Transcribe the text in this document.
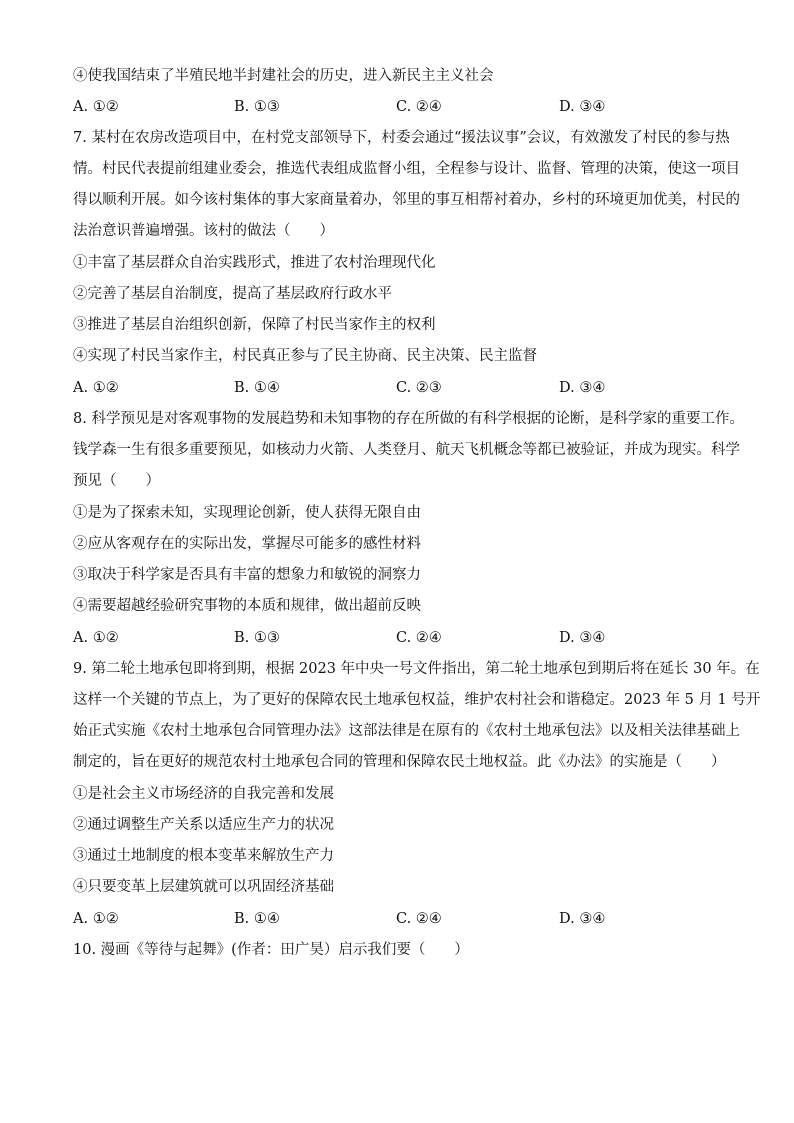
④使我国结束了半殖民地半封建社会的历史，进入新民主主义社会
A. ①②	B. ①③	C. ②④	D. ③④
7. 某村在农房改造项目中，在村党支部领导下，村委会通过“援法议事”会议，有效激发了村民的参与热
情。村民代表提前组建业委会，推选代表组成监督小组，全程参与设计、监督、管理的决策，使这一项目
得以顺利开展。如今该村集体的事大家商量着办，邻里的事互相帮衬着办，乡村的环境更加优美，村民的
法治意识普遍增强。该村的做法（　　）
①丰富了基层群众自治实践形式，推进了农村治理现代化
②完善了基层自治制度，提高了基层政府行政水平
③推进了基层自治组织创新，保障了村民当家作主的权利
④实现了村民当家作主，村民真正参与了民主协商、民主决策、民主监督
A. ①②	B. ①④	C. ②③	D. ③④
8. 科学预见是对客观事物的发展趋势和未知事物的存在所做的有科学根据的论断，是科学家的重要工作。
钱学森一生有很多重要预见，如核动力火箭、人类登月、航天飞机概念等都已被验证，并成为现实。科学
预见（　　）
①是为了探索未知，实现理论创新，使人获得无限自由
②应从客观存在的实际出发，掌握尽可能多的感性材料
③取决于科学家是否具有丰富的想象力和敏锐的洞察力
④需要超越经验研究事物的本质和规律，做出超前反映
A. ①②	B. ①③	C. ②④	D. ③④
9. 第二轮土地承包即将到期，根据 2023 年中央一号文件指出，第二轮土地承包到期后将在延长 30 年。在
这样一个关键的节点上，为了更好的保障农民土地承包权益，维护农村社会和谐稳定。2023 年 5 月 1 号开
始正式实施《农村土地承包合同管理办法》这部法律是在原有的《农村土地承包法》以及相关法律基础上
制定的，旨在更好的规范农村土地承包合同的管理和保障农民土地权益。此《办法》的实施是（　　）
①是社会主义市场经济的自我完善和发展
②通过调整生产关系以适应生产力的状况
③通过土地制度的根本变革来解放生产力
④只要变革上层建筑就可以巩固经济基础
A. ①②	B. ①④	C. ②④	D. ③④
10. 漫画《等待与起舞》(作者：田广昊）启示我们要（　　）
